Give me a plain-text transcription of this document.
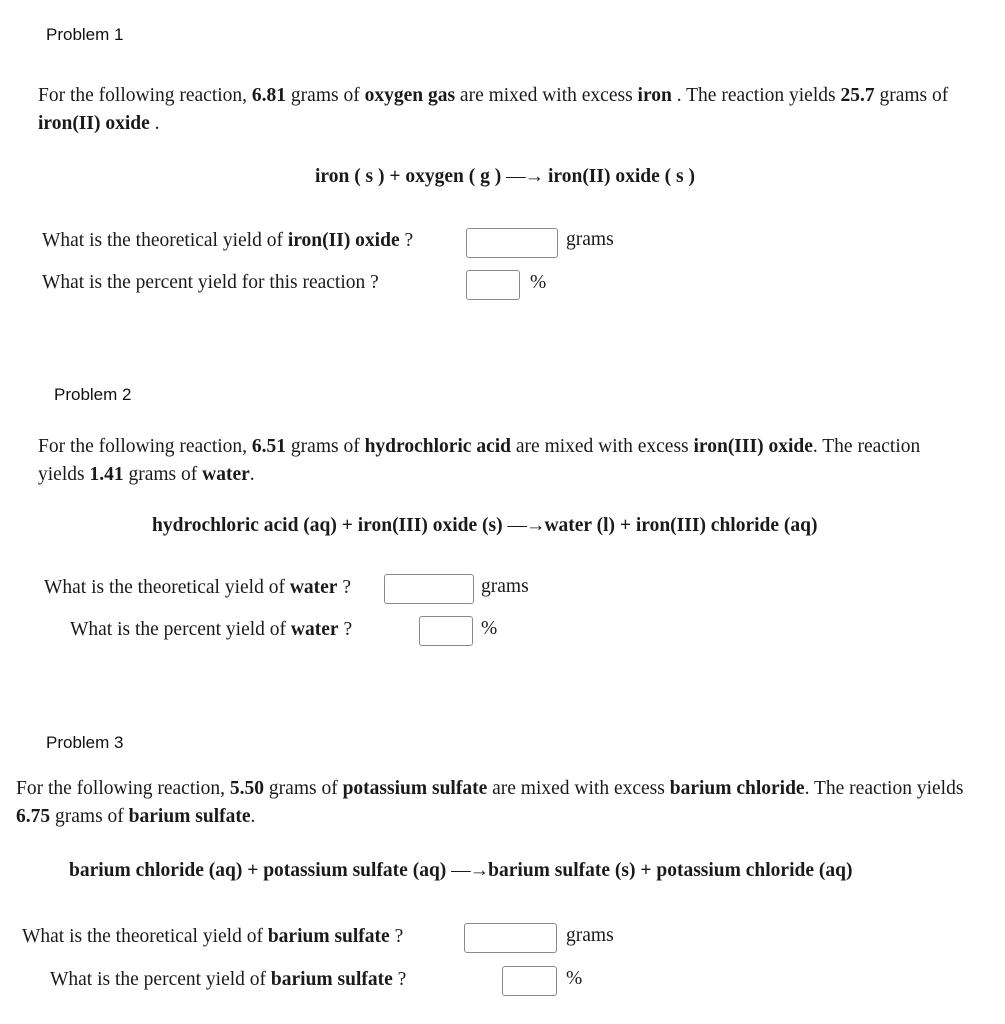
Problem 1
For the following reaction, 6.81 grams of oxygen gas are mixed with excess iron . The reaction yields 25.7 grams of iron(II) oxide .
iron ( s ) + oxygen ( g ) —→ iron(II) oxide ( s )
What is the theoretical yield of iron(II) oxide ?	grams
What is the percent yield for this reaction ?	%
Problem 2
For the following reaction, 6.51 grams of hydrochloric acid are mixed with excess iron(III) oxide. The reaction yields 1.41 grams of water.
hydrochloric acid (aq) + iron(III) oxide (s) —→water (l) + iron(III) chloride (aq)
What is the theoretical yield of water ?	grams
What is the percent yield of water ?	%
Problem 3
For the following reaction, 5.50 grams of potassium sulfate are mixed with excess barium chloride. The reaction yields 6.75 grams of barium sulfate.
barium chloride (aq) + potassium sulfate (aq) —→barium sulfate (s) + potassium chloride (aq)
What is the theoretical yield of barium sulfate ?	grams
What is the percent yield of barium sulfate ?	%
